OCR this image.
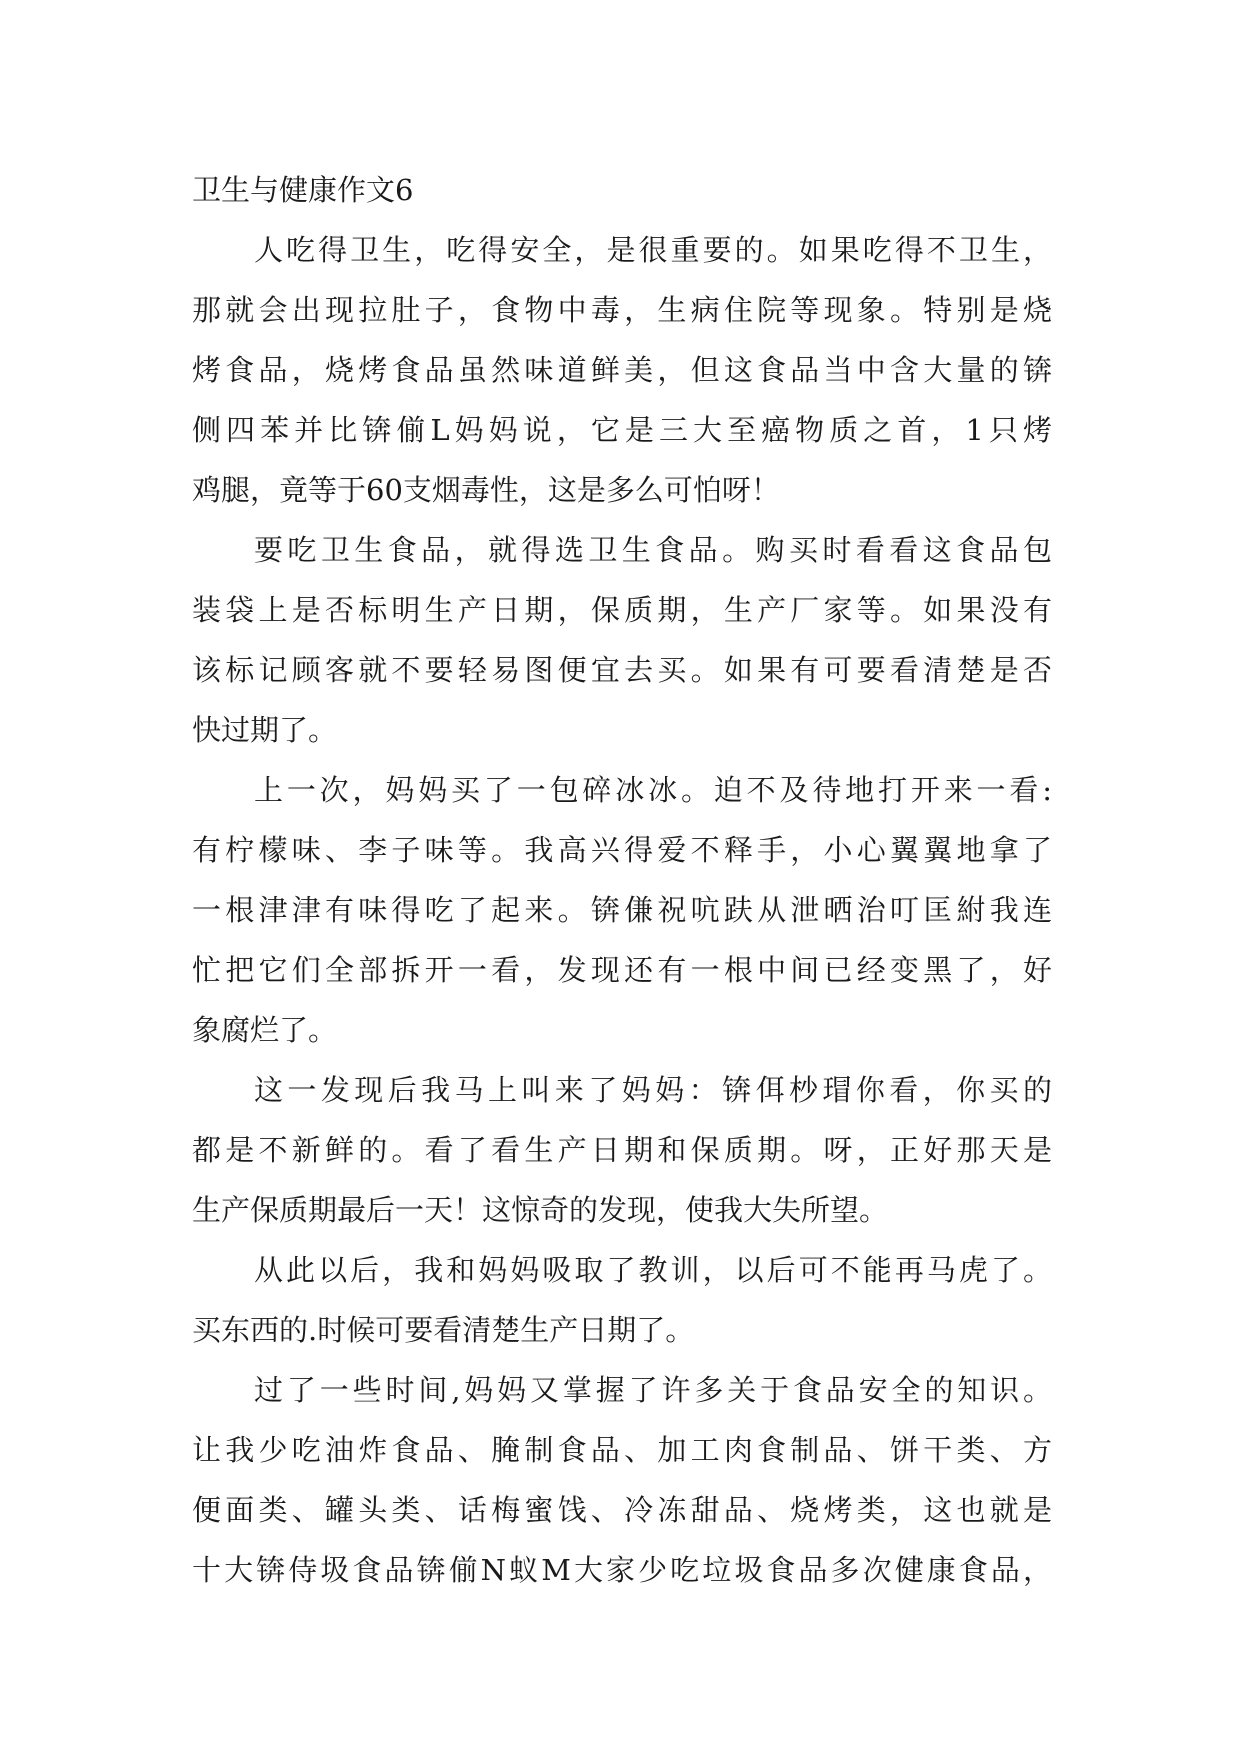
卫生与健康作文6
人吃得卫生，吃得安全，是很重要的。如果吃得不卫生，
那就会出现拉肚子，食物中毒，生病住院等现象。特别是烧
烤食品，烧烤食品虽然味道鲜美，但这食品当中含大量的锛
侧四苯并比锛偂L妈妈说，它是三大至癌物质之首，1只烤
鸡腿，竟等于60支烟毒性，这是多么可怕呀！
要吃卫生食品，就得选卫生食品。购买时看看这食品包
装袋上是否标明生产日期，保质期，生产厂家等。如果没有
该标记顾客就不要轻易图便宜去买。如果有可要看清楚是否
快过期了。
上一次，妈妈买了一包碎冰冰。迫不及待地打开来一看:
有柠檬味、李子味等。我高兴得爱不释手，小心翼翼地拿了
一根津津有味得吃了起来。锛傔祝吭趺从泄晒治叮匡紨我连
忙把它们全部拆开一看，发现还有一根中间已经变黑了，好
象腐烂了。
这一发现后我马上叫来了妈妈：锛佴杪瑁你看，你买的
都是不新鲜的。看了看生产日期和保质期。呀，正好那天是
生产保质期最后一天！这惊奇的发现，使我大失所望。
从此以后，我和妈妈吸取了教训，以后可不能再马虎了。
买东西的.时候可要看清楚生产日期了。
过了一些时间,妈妈又掌握了许多关于食品安全的知识。
让我少吃油炸食品、腌制食品、加工肉食制品、饼干类、方
便面类、罐头类、话梅蜜饯、冷冻甜品、烧烤类，这也就是
十大锛侍圾食品锛偂N蚁M大家少吃垃圾食品多次健康食品，
